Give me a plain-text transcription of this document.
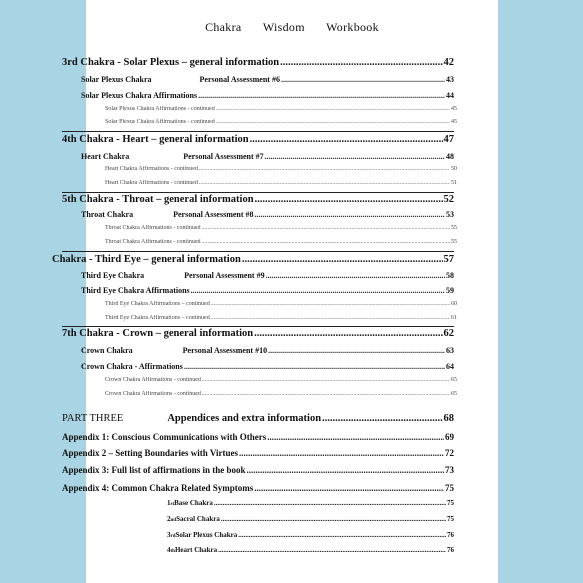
Chakra Wisdom Workbook
3rd Chakra - Solar Plexus – general information .....	42
Solar Plexus Chakra	Personal Assessment #6 .....	43
Solar Plexus Chakra Affirmations .....	44
Solar Plexus Chakra Affirmations - continued .....	45
Solar Plexus Chakra Affirmations - continued .....	45
4th Chakra - Heart – general information .....	47
Heart Chakra	Personal Assessment #7 .....	48
Heart Chakra Affirmations - continued .....	50
Heart Chakra Affirmations - continued .....	51
5th Chakra - Throat – general information .....	52
Throat Chakra	Personal Assessment #8 .....	53
Throat Chakra Affirmations - continued .....	55
Throat Chakra Affirmations - continued .....	55
Chakra - Third Eye – general information .....	57
Third Eye Chakra	Personal Assessment #9 .....	58
Third Eye Chakra Affirmations .....	59
Third Eye Chakra Affirmations – continued .....	60
Third Eye Chakra Affirmations – continued .....	61
7th Chakra - Crown – general information .....	62
Crown Chakra	Personal Assessment #10 .....	63
Crown Chakra - Affirmations .....	64
Crown Chakra Affirmations - continued .....	65
Crown Chakra Affirmations - continued .....	65
PART THREE	Appendices and extra information .....	68
Appendix 1: Conscious Communications with Others .....	69
Appendix 2 – Setting Boundaries with Virtues .....	72
Appendix 3: Full list of affirmations in the book .....	73
Appendix 4: Common Chakra Related Symptoms .....	75
$1_{st}$ Base Chakra .....	75
$2_{nd}$ Sacral Chakra .....	75
$3_{rd}$ Solar Plexus Chakra .....	76
$4_{th}$ Heart Chakra .....	76
